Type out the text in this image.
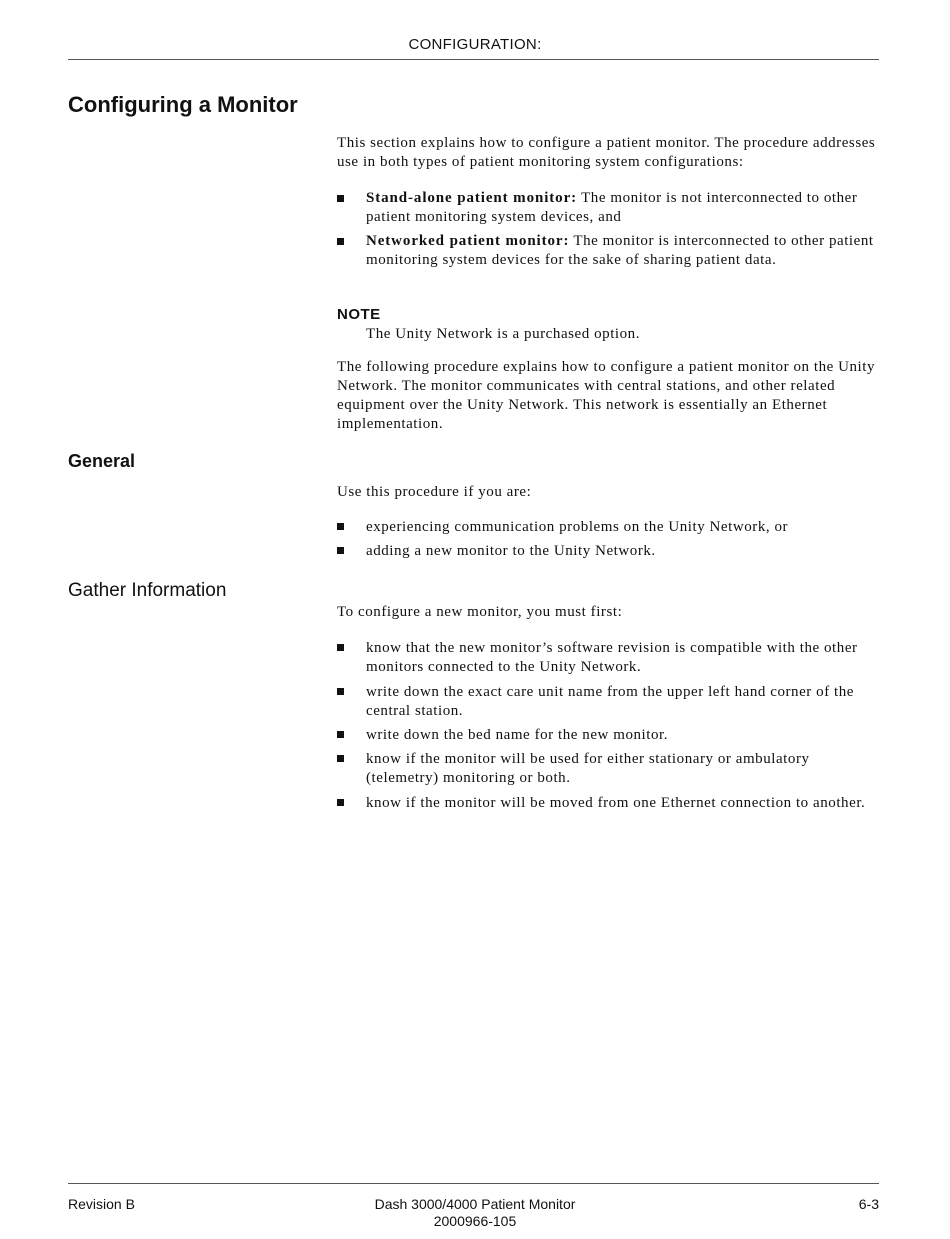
CONFIGURATION:
Configuring a Monitor

This section explains how to configure a patient monitor. The procedure addresses use in both types of patient monitoring system configurations:

Stand-alone patient monitor: The monitor is not interconnected to other patient monitoring system devices, and
Networked patient monitor: The monitor is interconnected to other patient monitoring system devices for the sake of sharing patient data.
NOTE

The Unity Network is a purchased option.

The following procedure explains how to configure a patient monitor on the Unity Network. The monitor communicates with central stations, and other related equipment over the Unity Network. This network is essentially an Ethernet implementation.

General

Use this procedure if you are:

experiencing communication problems on the Unity Network, or
adding a new monitor to the Unity Network.
Gather Information

To configure a new monitor, you must first:

know that the new monitor’s software revision is compatible with the other monitors connected to the Unity Network.
write down the exact care unit name from the upper left hand corner of the central station.
write down the bed name for the new monitor.
know if the monitor will be used for either stationary or ambulatory (telemetry) monitoring or both.
know if the monitor will be moved from one Ethernet connection to another.
Revision B	Dash 3000/4000 Patient Monitor
2000966-105
6-3
